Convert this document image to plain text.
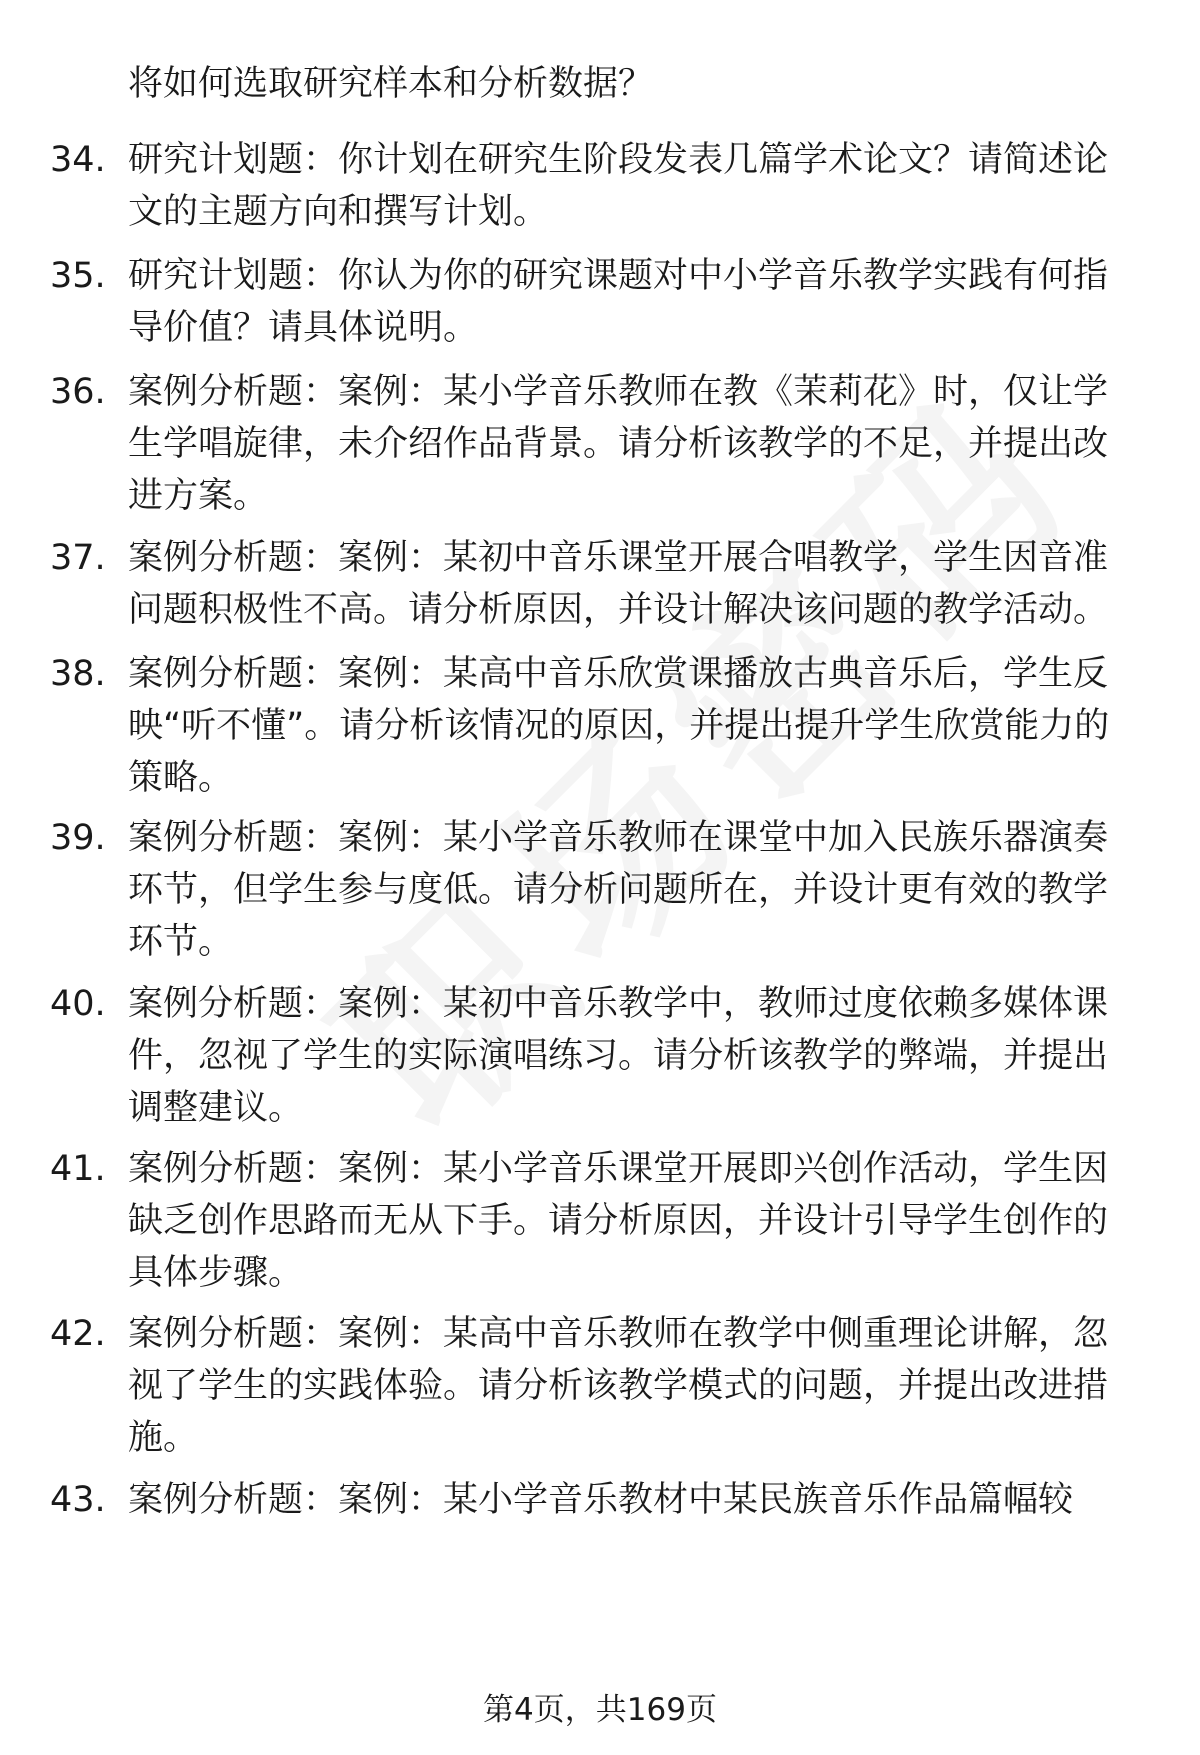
将如何选取研究样本和分析数据？
34. 研究计划题：你计划在研究生阶段发表几篇学术论文？请简述论文的主题方向和撰写计划。
35. 研究计划题：你认为你的研究课题对中小学音乐教学实践有何指导价值？请具体说明。
36. 案例分析题：案例：某小学音乐教师在教《茉莉花》时，仅让学生学唱旋律，未介绍作品背景。请分析该教学的不足，并提出改进方案。
37. 案例分析题：案例：某初中音乐课堂开展合唱教学，学生因音准问题积极性不高。请分析原因，并设计解决该问题的教学活动。
38. 案例分析题：案例：某高中音乐欣赏课播放古典音乐后，学生反映“听不懂”。请分析该情况的原因，并提出提升学生欣赏能力的策略。
39. 案例分析题：案例：某小学音乐教师在课堂中加入民族乐器演奏环节，但学生参与度低。请分析问题所在，并设计更有效的教学环节。
40. 案例分析题：案例：某初中音乐教学中，教师过度依赖多媒体课件，忽视了学生的实际演唱练习。请分析该教学的弊端，并提出调整建议。
41. 案例分析题：案例：某小学音乐课堂开展即兴创作活动，学生因缺乏创作思路而无从下手。请分析原因，并设计引导学生创作的具体步骤。
42. 案例分析题：案例：某高中音乐教师在教学中侧重理论讲解，忽视了学生的实践体验。请分析该教学模式的问题，并提出改进措施。
43. 案例分析题：案例：某小学音乐教材中某民族音乐作品篇幅较
第4页，共169页
